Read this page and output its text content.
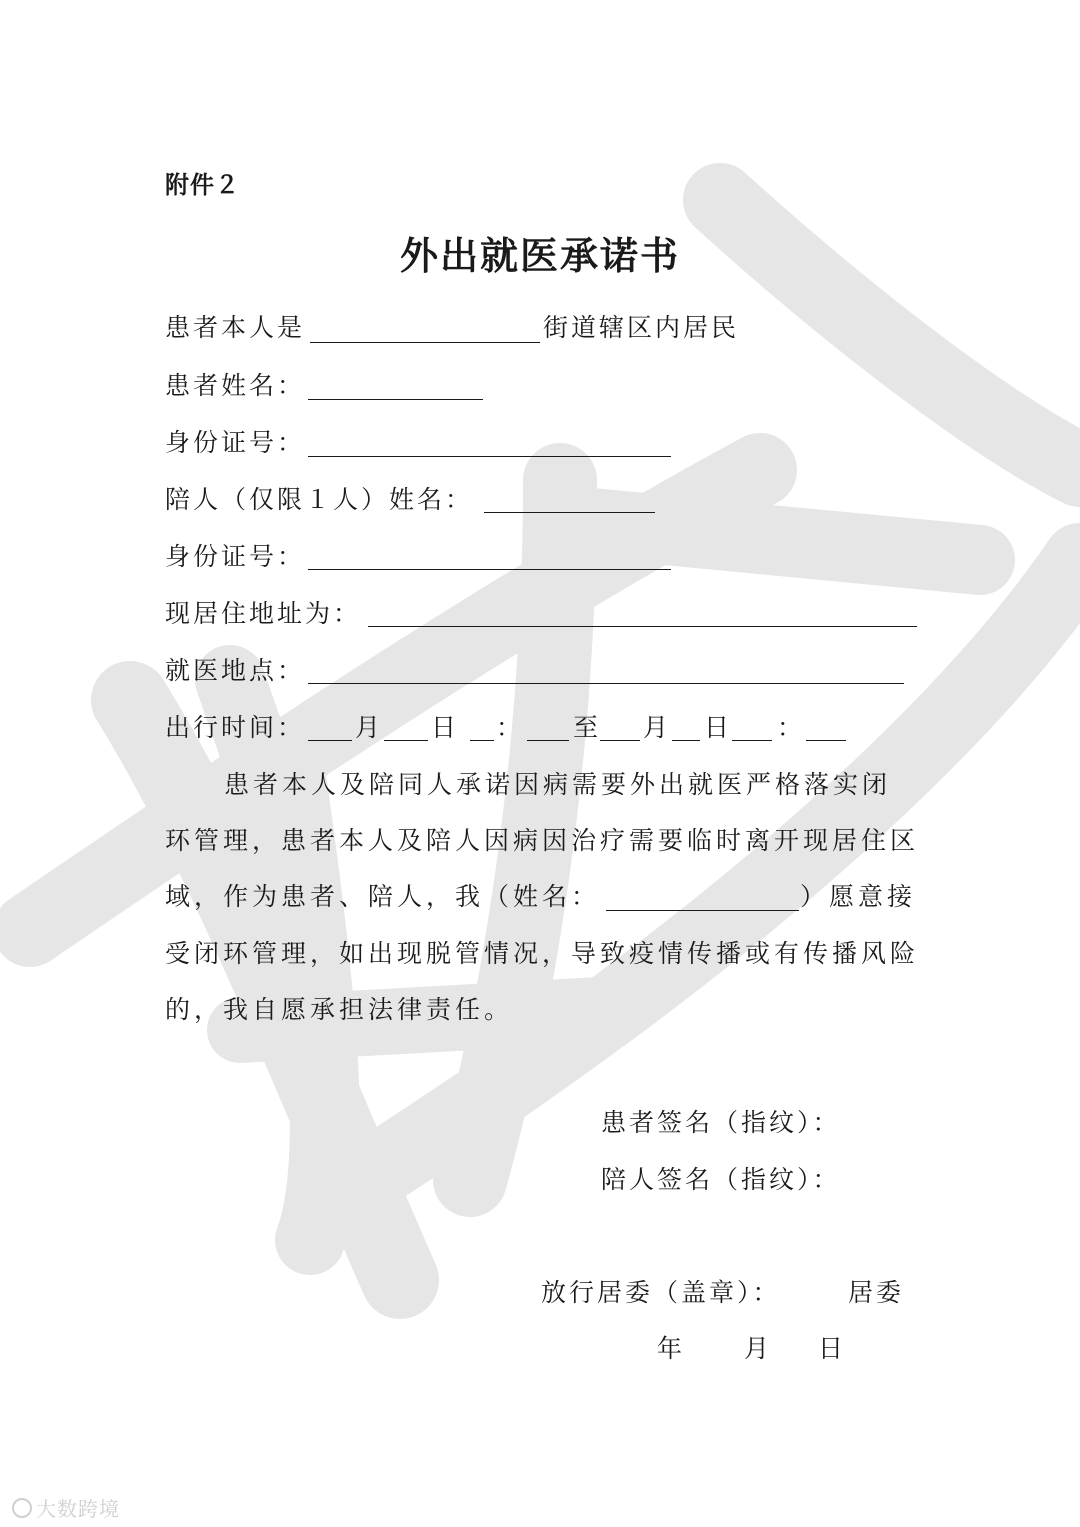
附件２
外出就医承诺书
患者本人是	街道辖区内居民
患者姓名：
身份证号：
陪人（仅限１人）姓名：
身份证号：
现居住地址为：
就医地点：
出行时间： 月 日 ： 至 月 日 ：
患者本人及陪同人承诺因病需要外出就医严格落实闭
环管理，患者本人及陪人因病因治疗需要临时离开现居住区
域，作为患者、陪人，我（姓名：	）愿意接
受闭环管理，如出现脱管情况，导致疫情传播或有传播风险
的，我自愿承担法律责任。
患者签名（指纹）：
陪人签名（指纹）：
放行居委（盖章）：	居委
年 月 日
大数跨境
